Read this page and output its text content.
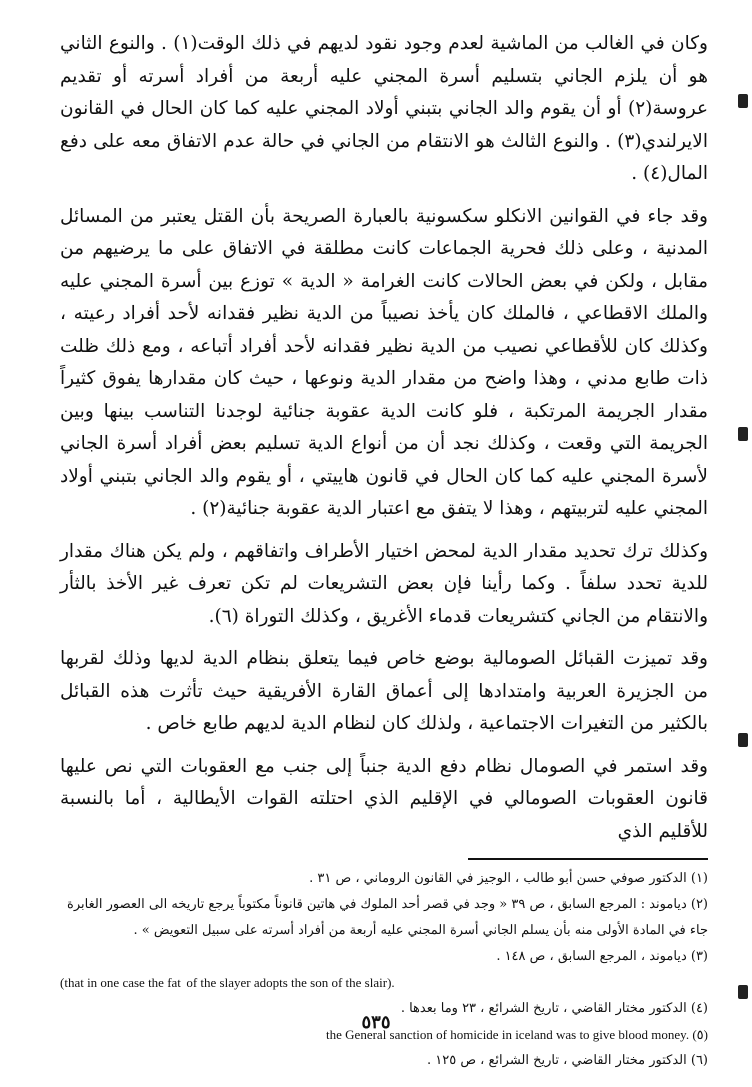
وكان في الغالب من الماشية لعدم وجود نقود لديهم في ذلك الوقت(١) . والنوع الثاني هو أن يلزم الجاني بتسليم أسرة المجني عليه أربعة من أفراد أسرته أو تقديم عروسة(٢) أو أن يقوم والد الجاني بتبني أولاد المجني عليه كما كان الحال في القانون الايرلندي(٣) . والنوع الثالث هو الانتقام من الجاني في حالة عدم الاتفاق معه على دفع المال(٤) .

وقد جاء في القوانين الانكلو سكسونية بالعبارة الصريحة بأن القتل يعتبر من المسائل المدنية ، وعلى ذلك فحرية الجماعات كانت مطلقة في الاتفاق على ما يرضيهم من مقابل ، ولكن في بعض الحالات كانت الغرامة « الدية » توزع بين أسرة المجني عليه والملك الاقطاعي ، فالملك كان يأخذ نصيباً من الدية نظير فقدانه لأحد أفراد رعيته ، وكذلك كان للأقطاعي نصيب من الدية نظير فقدانه لأحد أفراد أتباعه ، ومع ذلك ظلت ذات طابع مدني ، وهذا واضح من مقدار الدية ونوعها ، حيث كان مقدارها يفوق كثيراً مقدار الجريمة المرتكبة ، فلو كانت الدية عقوبة جنائية لوجدنا التناسب بينها وبين الجريمة التي وقعت ، وكذلك نجد أن من أنواع الدية تسليم بعض أفراد أسرة الجاني لأسرة المجني عليه كما كان الحال في قانون هاييتي ، أو يقوم والد الجاني بتبني أولاد المجني عليه لتربيتهم ، وهذا لا يتفق مع اعتبار الدية عقوبة جنائية(٢) .

وكذلك ترك تحديد مقدار الدية لمحض اختيار الأطراف واتفاقهم ، ولم يكن هناك مقدار للدية تحدد سلفاً . وكما رأينا فإن بعض التشريعات لم تكن تعرف غير الأخذ بالثأر والانتقام من الجاني كتشريعات قدماء الأغريق ، وكذلك التوراة (٦).

وقد تميزت القبائل الصومالية بوضع خاص فيما يتعلق بنظام الدية لديها وذلك لقربها من الجزيرة العربية وامتدادها إلى أعماق القارة الأفريقية حيث تأثرت هذه القبائل بالكثير من التغيرات الاجتماعية ، ولذلك كان لنظام الدية لديهم طابع خاص .

وقد استمر في الصومال نظام دفع الدية جنباً إلى جنب مع العقوبات التي نص عليها قانون العقوبات الصومالي في الإقليم الذي احتلته القوات الأيطالية ، أما بالنسبة للأقليم الذي

(١) الدكتور صوفي حسن أبو طالب ، الوجيز في القانون الروماني ، ص ٣١ .

(٢) دياموند : المرجع السابق ، ص ٣٩ « وجد في قصر أحد الملوك في هاتين قانوناً مكتوباً يرجع تاريخه الى العصور الغابرة جاء في المادة الأولى منه بأن يسلم الجاني أسرة المجني عليه أربعة من أفراد أسرته على سبيل التعويض » .

(٣) دياموند ، المرجع السابق ، ص ١٤٨ .

(that in one case the fat   of the slayer adopts the son of the slair).

(٤) الدكتور مختار القاضي ، تاريخ الشرائع ، ٢٣ وما بعدها .

the General sanction of homicide in iceland was to give blood money. (٥)

(٦) الدكتور مختار القاضي ، تاريخ الشرائع ، ص ١٢٥ .

٥٣٥
